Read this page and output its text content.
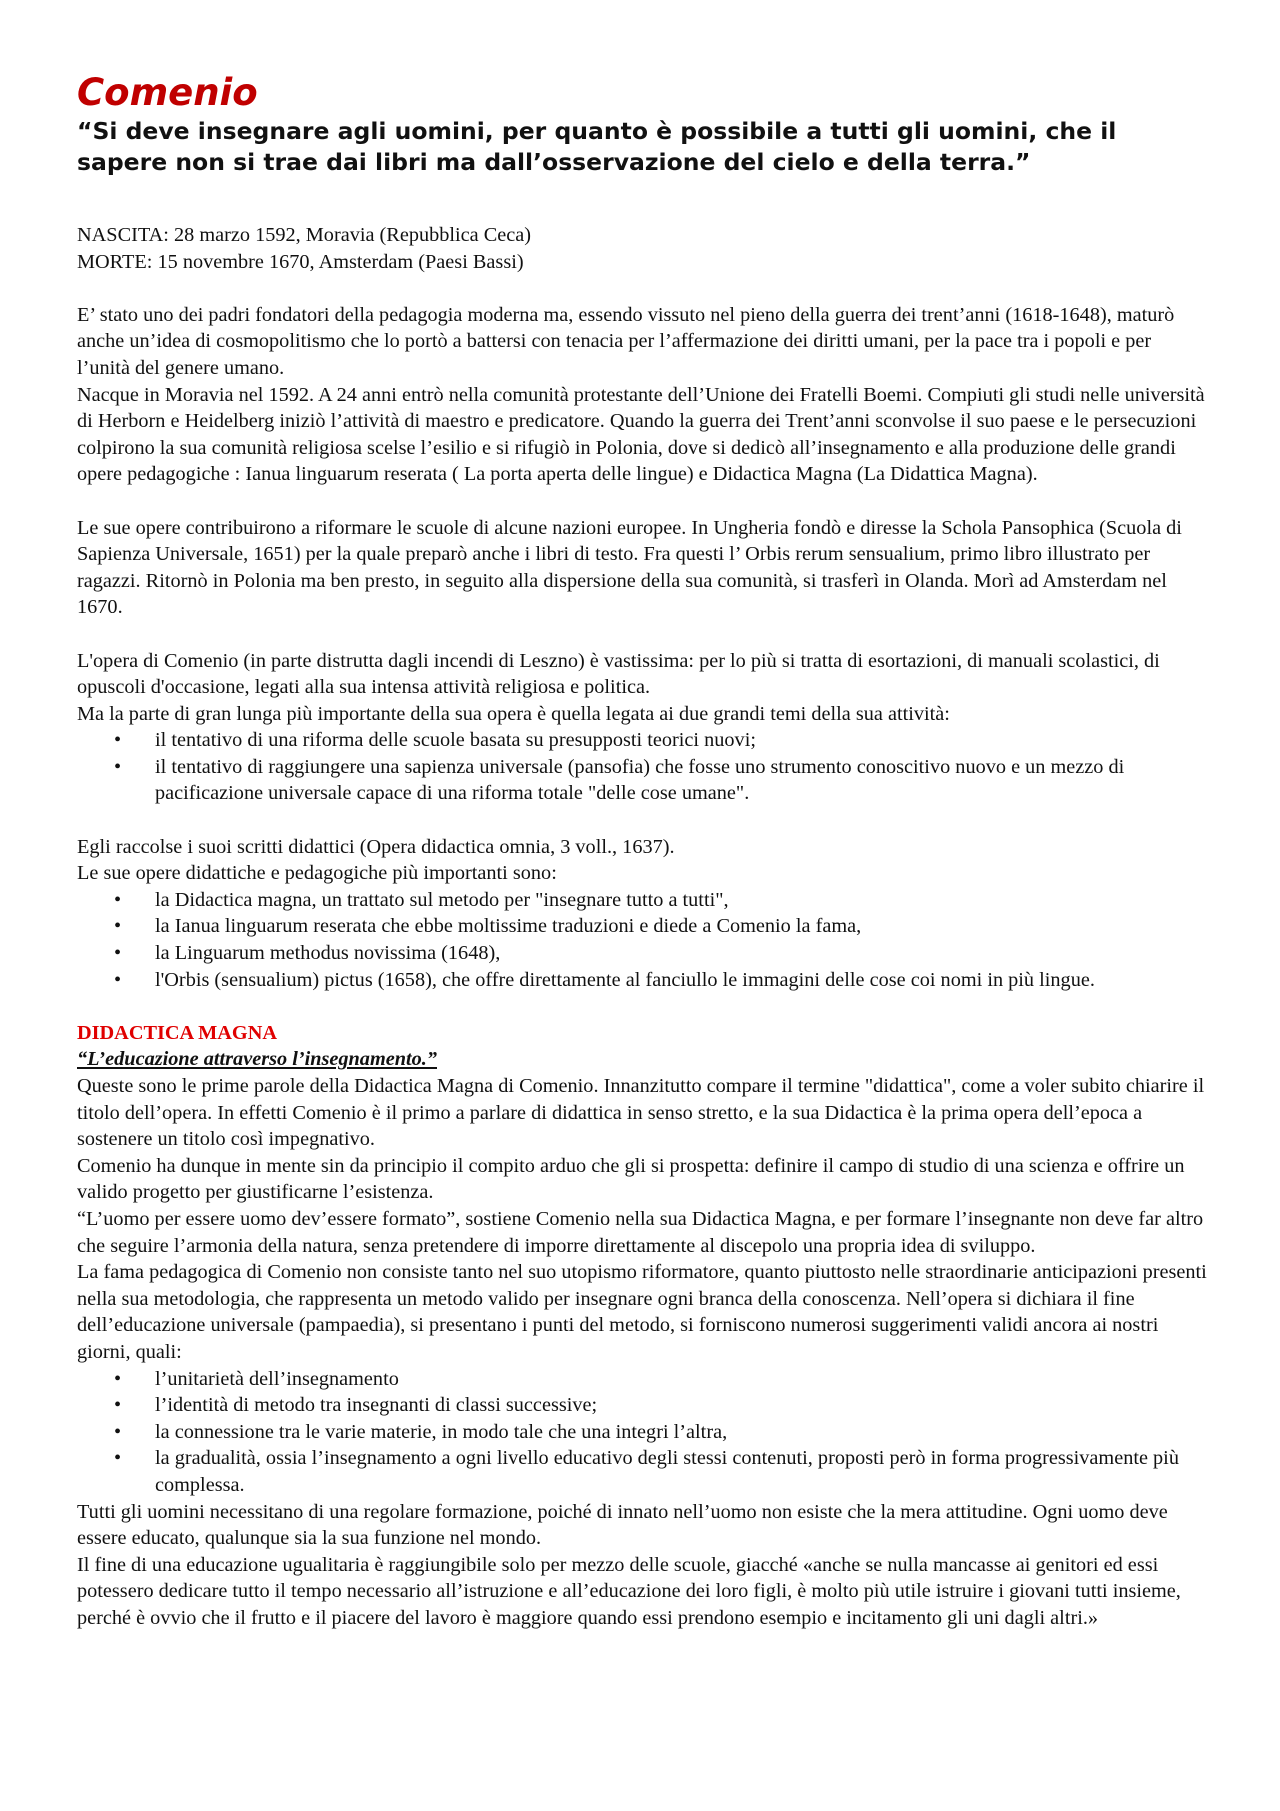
Comenio

“Si deve insegnare agli uomini, per quanto è possibile a tutti gli uomini, che il sapere non si trae dai libri ma dall’osservazione del cielo e della terra.”

NASCITA: 28 marzo 1592, Moravia (Repubblica Ceca)

MORTE: 15 novembre 1670, Amsterdam (Paesi Bassi)

E’ stato uno dei padri fondatori della pedagogia moderna ma, essendo vissuto nel pieno della guerra dei trent’anni (1618-1648), maturò anche un’idea di cosmopolitismo che lo portò a battersi con tenacia per l’affermazione dei diritti umani, per la pace tra i popoli e per l’unità del genere umano.

Nacque in Moravia nel 1592. A 24 anni entrò nella comunità protestante dell’Unione dei Fratelli Boemi. Compiuti gli studi nelle università di Herborn e Heidelberg iniziò l’attività di maestro e predicatore. Quando la guerra dei Trent’anni sconvolse il suo paese e le persecuzioni colpirono la sua comunità religiosa scelse l’esilio e si rifugiò in Polonia, dove si dedicò all’insegnamento e alla produzione delle grandi opere pedagogiche : Ianua linguarum reserata ( La porta aperta delle lingue) e Didactica Magna (La Didattica Magna).

Le sue opere contribuirono a riformare le scuole di alcune nazioni europee. In Ungheria fondò e diresse la Schola Pansophica (Scuola di Sapienza Universale, 1651) per la quale preparò anche i libri di testo. Fra questi l’ Orbis rerum sensualium, primo libro illustrato per ragazzi. Ritornò in Polonia ma ben presto, in seguito alla dispersione della sua comunità, si trasferì in Olanda. Morì ad Amsterdam nel 1670.

L'opera di Comenio (in parte distrutta dagli incendi di Leszno) è vastissima: per lo più si tratta di esortazioni, di manuali scolastici, di opuscoli d'occasione, legati alla sua intensa attività religiosa e politica.

Ma la parte di gran lunga più importante della sua opera è quella legata ai due grandi temi della sua attività:

• il tentativo di una riforma delle scuole basata su presupposti teorici nuovi;
• il tentativo di raggiungere una sapienza universale (pansofia) che fosse uno strumento conoscitivo nuovo e un mezzo di pacificazione universale capace di una riforma totale "delle cose umane".

Egli raccolse i suoi scritti didattici (Opera didactica omnia, 3 voll., 1637).

Le sue opere didattiche e pedagogiche più importanti sono:

• la Didactica magna, un trattato sul metodo per "insegnare tutto a tutti",
• la Ianua linguarum reserata che ebbe moltissime traduzioni e diede a Comenio la fama,
• la Linguarum methodus novissima (1648),
• l'Orbis (sensualium) pictus (1658), che offre direttamente al fanciullo le immagini delle cose coi nomi in più lingue.

DIDACTICA MAGNA

“L’educazione attraverso l’insegnamento.”

Queste sono le prime parole della Didactica Magna di Comenio. Innanzitutto compare il termine "didattica", come a voler subito chiarire il titolo dell’opera. In effetti Comenio è il primo a parlare di didattica in senso stretto, e la sua Didactica è la prima opera dell’epoca a sostenere un titolo così impegnativo.

Comenio ha dunque in mente sin da principio il compito arduo che gli si prospetta: definire il campo di studio di una scienza e offrire un valido progetto per giustificarne l’esistenza.

“L’uomo per essere uomo dev’essere formato”, sostiene Comenio nella sua Didactica Magna, e per formare l’insegnante non deve far altro che seguire l’armonia della natura, senza pretendere di imporre direttamente al discepolo una propria idea di sviluppo.

La fama pedagogica di Comenio non consiste tanto nel suo utopismo riformatore, quanto piuttosto nelle straordinarie anticipazioni presenti nella sua metodologia, che rappresenta un metodo valido per insegnare ogni branca della conoscenza. Nell’opera si dichiara il fine dell’educazione universale (pampaedia), si presentano i punti del metodo, si forniscono numerosi suggerimenti validi ancora ai nostri giorni, quali:

• l’unitarietà dell’insegnamento
• l’identità di metodo tra insegnanti di classi successive;
• la connessione tra le varie materie, in modo tale che una integri l’altra,
• la gradualità, ossia l’insegnamento a ogni livello educativo degli stessi contenuti, proposti però in forma progressivamente più complessa.

Tutti gli uomini necessitano di una regolare formazione, poiché di innato nell’uomo non esiste che la mera attitudine. Ogni uomo deve essere educato, qualunque sia la sua funzione nel mondo.

Il fine di una educazione ugualitaria è raggiungibile solo per mezzo delle scuole, giacché «anche se nulla mancasse ai genitori ed essi potessero dedicare tutto il tempo necessario all’istruzione e all’educazione dei loro figli, è molto più utile istruire i giovani tutti insieme, perché è ovvio che il frutto e il piacere del lavoro è maggiore quando essi prendono esempio e incitamento gli uni dagli altri.»
